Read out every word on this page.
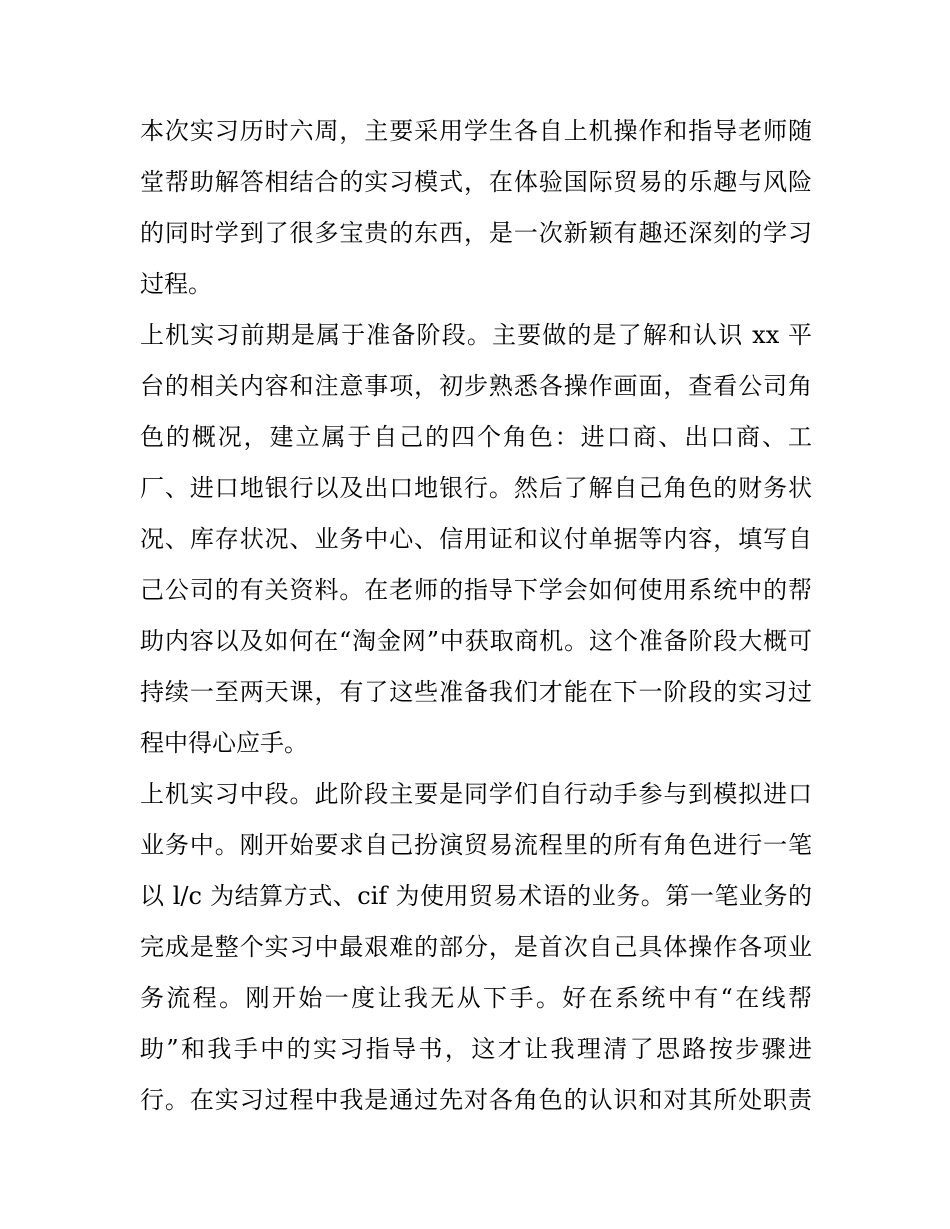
本次实习历时六周，主要采用学生各自上机操作和指导老师随
堂帮助解答相结合的实习模式，在体验国际贸易的乐趣与风险
的同时学到了很多宝贵的东西，是一次新颖有趣还深刻的学习
过程。
上机实习前期是属于准备阶段。主要做的是了解和认识 xx 平
台的相关内容和注意事项，初步熟悉各操作画面，查看公司角
色的概况，建立属于自己的四个角色：进口商、出口商、工
厂、进口地银行以及出口地银行。然后了解自己角色的财务状
况、库存状况、业务中心、信用证和议付单据等内容，填写自
己公司的有关资料。在老师的指导下学会如何使用系统中的帮
助内容以及如何在“淘金网”中获取商机。这个准备阶段大概可
持续一至两天课，有了这些准备我们才能在下一阶段的实习过
程中得心应手。
上机实习中段。此阶段主要是同学们自行动手参与到模拟进口
业务中。刚开始要求自己扮演贸易流程里的所有角色进行一笔
以 l/c 为结算方式、cif 为使用贸易术语的业务。第一笔业务的
完成是整个实习中最艰难的部分，是首次自己具体操作各项业
务流程。刚开始一度让我无从下手。好在系统中有“在线帮
助”和我手中的实习指导书，这才让我理清了思路按步骤进
行。在实习过程中我是通过先对各角色的认识和对其所处职责
